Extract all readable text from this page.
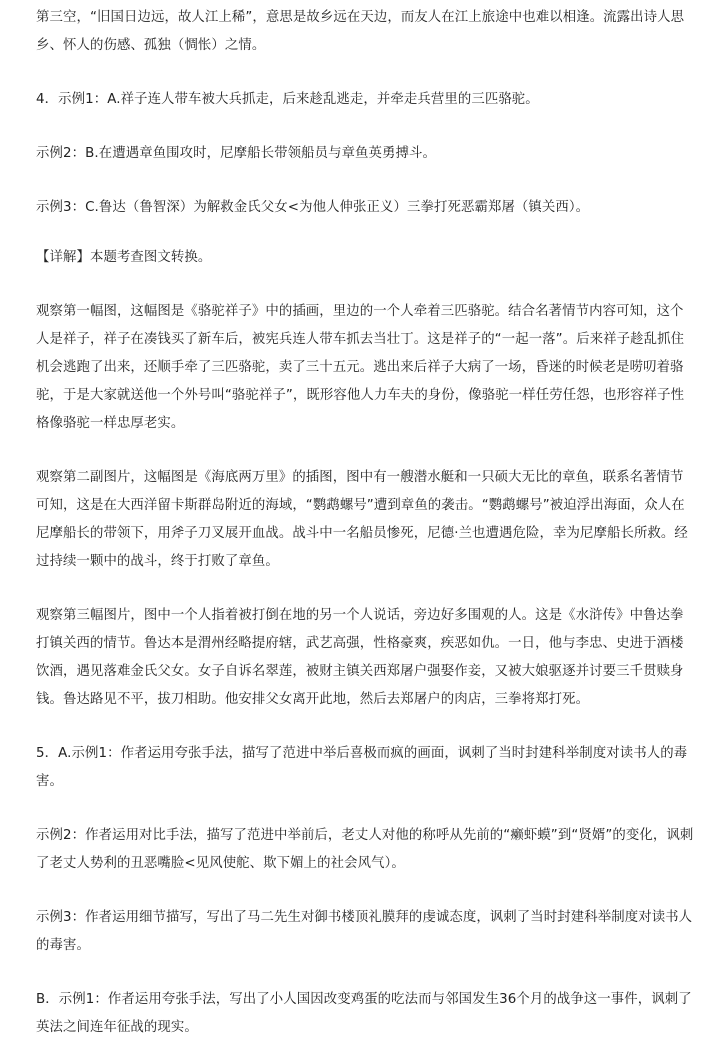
第三空，“旧国日边远，故人江上稀”，意思是故乡远在天边，而友人在江上旅途中也难以相逢。流露出诗人思乡、怀人的伤感、孤独（惆怅）之情。

4．示例1：A.祥子连人带车被大兵抓走，后来趁乱逃走，并牵走兵营里的三匹骆驼。

示例2：B.在遭遇章鱼围攻时，尼摩船长带领船员与章鱼英勇搏斗。

示例3：C.鲁达（鲁智深）为解救金氏父女<为他人伸张正义）三拳打死恶霸郑屠（镇关西）。

【详解】本题考查图文转换。

观察第一幅图，这幅图是《骆驼祥子》中的插画，里边的一个人牵着三匹骆驼。结合名著情节内容可知，这个人是祥子，祥子在凑钱买了新车后，被宪兵连人带车抓去当壮丁。这是祥子的“一起一落”。后来祥子趁乱抓住机会逃跑了出来，还顺手牵了三匹骆驼，卖了三十五元。逃出来后祥子大病了一场，昏迷的时候老是唠叨着骆驼，于是大家就送他一个外号叫“骆驼祥子”，既形容他人力车夫的身份，像骆驼一样任劳任怨，也形容祥子性格像骆驼一样忠厚老实。

观察第二副图片，这幅图是《海底两万里》的插图，图中有一艘潜水艇和一只硕大无比的章鱼，联系名著情节可知，这是在大西洋留卡斯群岛附近的海域，“鹦鹉螺号”遭到章鱼的袭击。“鹦鹉螺号”被迫浮出海面，众人在尼摩船长的带领下，用斧子刀叉展开血战。战斗中一名船员惨死，尼德·兰也遭遇危险，幸为尼摩船长所救。经过持续一颗中的战斗，终于打败了章鱼。

观察第三幅图片，图中一个人指着被打倒在地的另一个人说话，旁边好多围观的人。这是《水浒传》中鲁达拳打镇关西的情节。鲁达本是渭州经略提府辖，武艺高强，性格豪爽，疾恶如仇。一日，他与李忠、史进于酒楼饮酒，遇见落难金氏父女。女子自诉名翠莲，被财主镇关西郑屠户强娶作妾，又被大娘驱逐并讨要三千贯赎身钱。鲁达路见不平，拔刀相助。他安排父女离开此地，然后去郑屠户的肉店，三拳将郑打死。

5．A.示例1：作者运用夸张手法，描写了范进中举后喜极而疯的画面，讽刺了当时封建科举制度对读书人的毒害。

示例2：作者运用对比手法，描写了范进中举前后，老丈人对他的称呼从先前的“癞虾蟆”到“贤婿”的变化，讽刺了老丈人势利的丑恶嘴脸<见风使舵、欺下媚上的社会风气）。

示例3：作者运用细节描写，写出了马二先生对御书楼顶礼膜拜的虔诚态度，讽刺了当时封建科举制度对读书人的毒害。

B．示例1：作者运用夸张手法，写出了小人国因改变鸡蛋的吃法而与邻国发生36个月的战争这一事件，讽刺了英法之间连年征战的现实。
